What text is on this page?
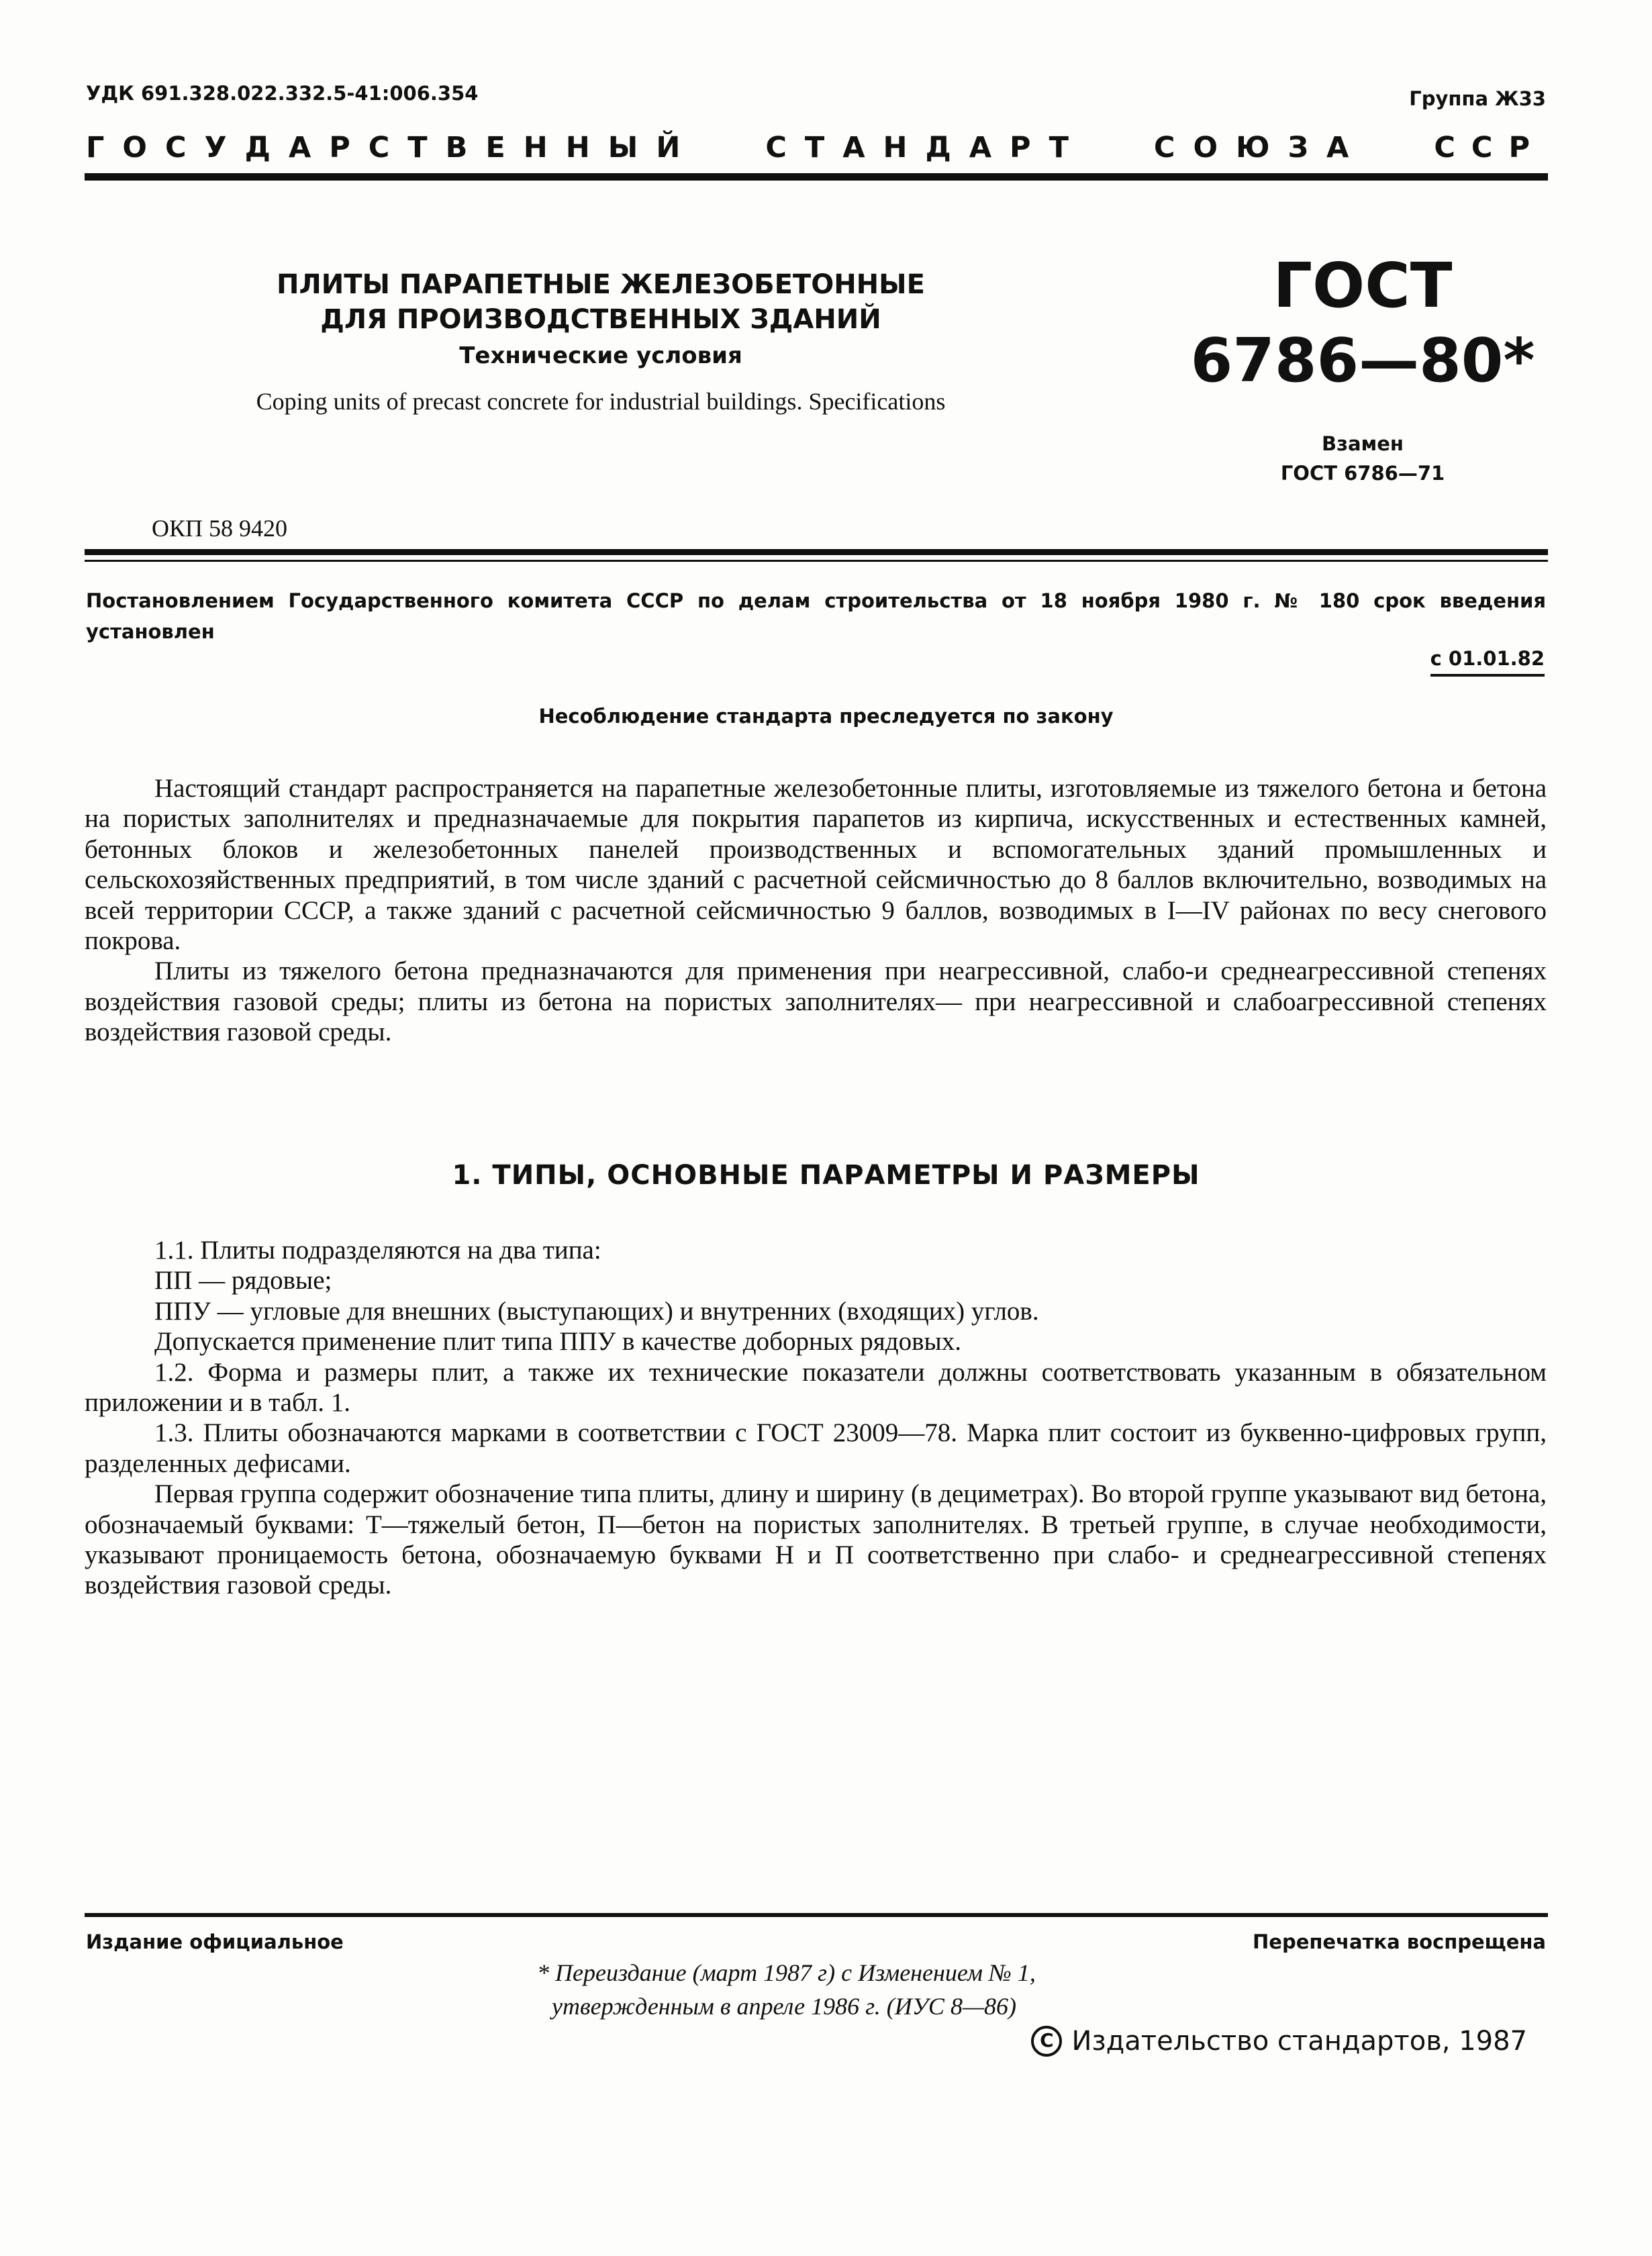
УДК 691.328.022.332.5-41:006.354	Группа Ж33
ГОСУДАРСТВЕННЫЙ СТАНДАРТ СОЮЗА ССР
ПЛИТЫ ПАРАПЕТНЫЕ ЖЕЛЕЗОБЕТОННЫЕ
ДЛЯ ПРОИЗВОДСТВЕННЫХ ЗДАНИЙ
Технические условия
Coping units of precast concrete for industrial buildings. Specifications
ГОСТ
6786—80*
Взамен
ГОСТ 6786—71
ОКП 58 9420
Постановлением Государственного комитета СССР по делам строительства от 18 ноября 1980 г. № 180 срок введения установлен
с 01.01.82
Несоблюдение стандарта преследуется по закону

Настоящий стандарт распространяется на парапетные железобетонные плиты, изготовляемые из тяжелого бетона и бетона на пористых заполнителях и предназначаемые для покрытия парапетов из кирпича, искусственных и естественных камней, бетонных блоков и железобетонных панелей производственных и вспомогательных зданий промышленных и сельскохозяйственных предприятий, в том числе зданий с расчетной сейсмичностью до 8 баллов включительно, возводимых на всей территории СССР, а также зданий с расчетной сейсмичностью 9 баллов, возводимых в I—IV районах по весу снегового покрова.

Плиты из тяжелого бетона предназначаются для применения при неагрессивной, слабо-и среднеагрессивной степенях воздействия газовой среды; плиты из бетона на пористых заполнителях— при неагрессивной и слабоагрессивной степенях воздействия газовой среды.

1. ТИПЫ, ОСНОВНЫЕ ПАРАМЕТРЫ И РАЗМЕРЫ

1.1. Плиты подразделяются на два типа:

ПП — рядовые;

ППУ — угловые для внешних (выступающих) и внутренних (входящих) углов.

Допускается применение плит типа ППУ в качестве доборных рядовых.

1.2. Форма и размеры плит, а также их технические показатели должны соответствовать указанным в обязательном приложении и в табл. 1.

1.3. Плиты обозначаются марками в соответствии с ГОСТ 23009—78. Марка плит состоит из буквенно-цифровых групп, разделенных дефисами.

Первая группа содержит обозначение типа плиты, длину и ширину (в дециметрах). Во второй группе указывают вид бетона, обозначаемый буквами: Т—тяжелый бетон, П—бетон на пористых заполнителях. В третьей группе, в случае необходимости, указывают проницаемость бетона, обозначаемую буквами Н и П соответственно при слабо- и среднеагрессивной степенях воздействия газовой среды.

Издание официальное	Перепечатка воспрещена
* Переиздание (март 1987 г) с Изменением № 1,
утвержденным в апреле 1986 г. (ИУС 8—86)
C Издательство стандартов, 1987
